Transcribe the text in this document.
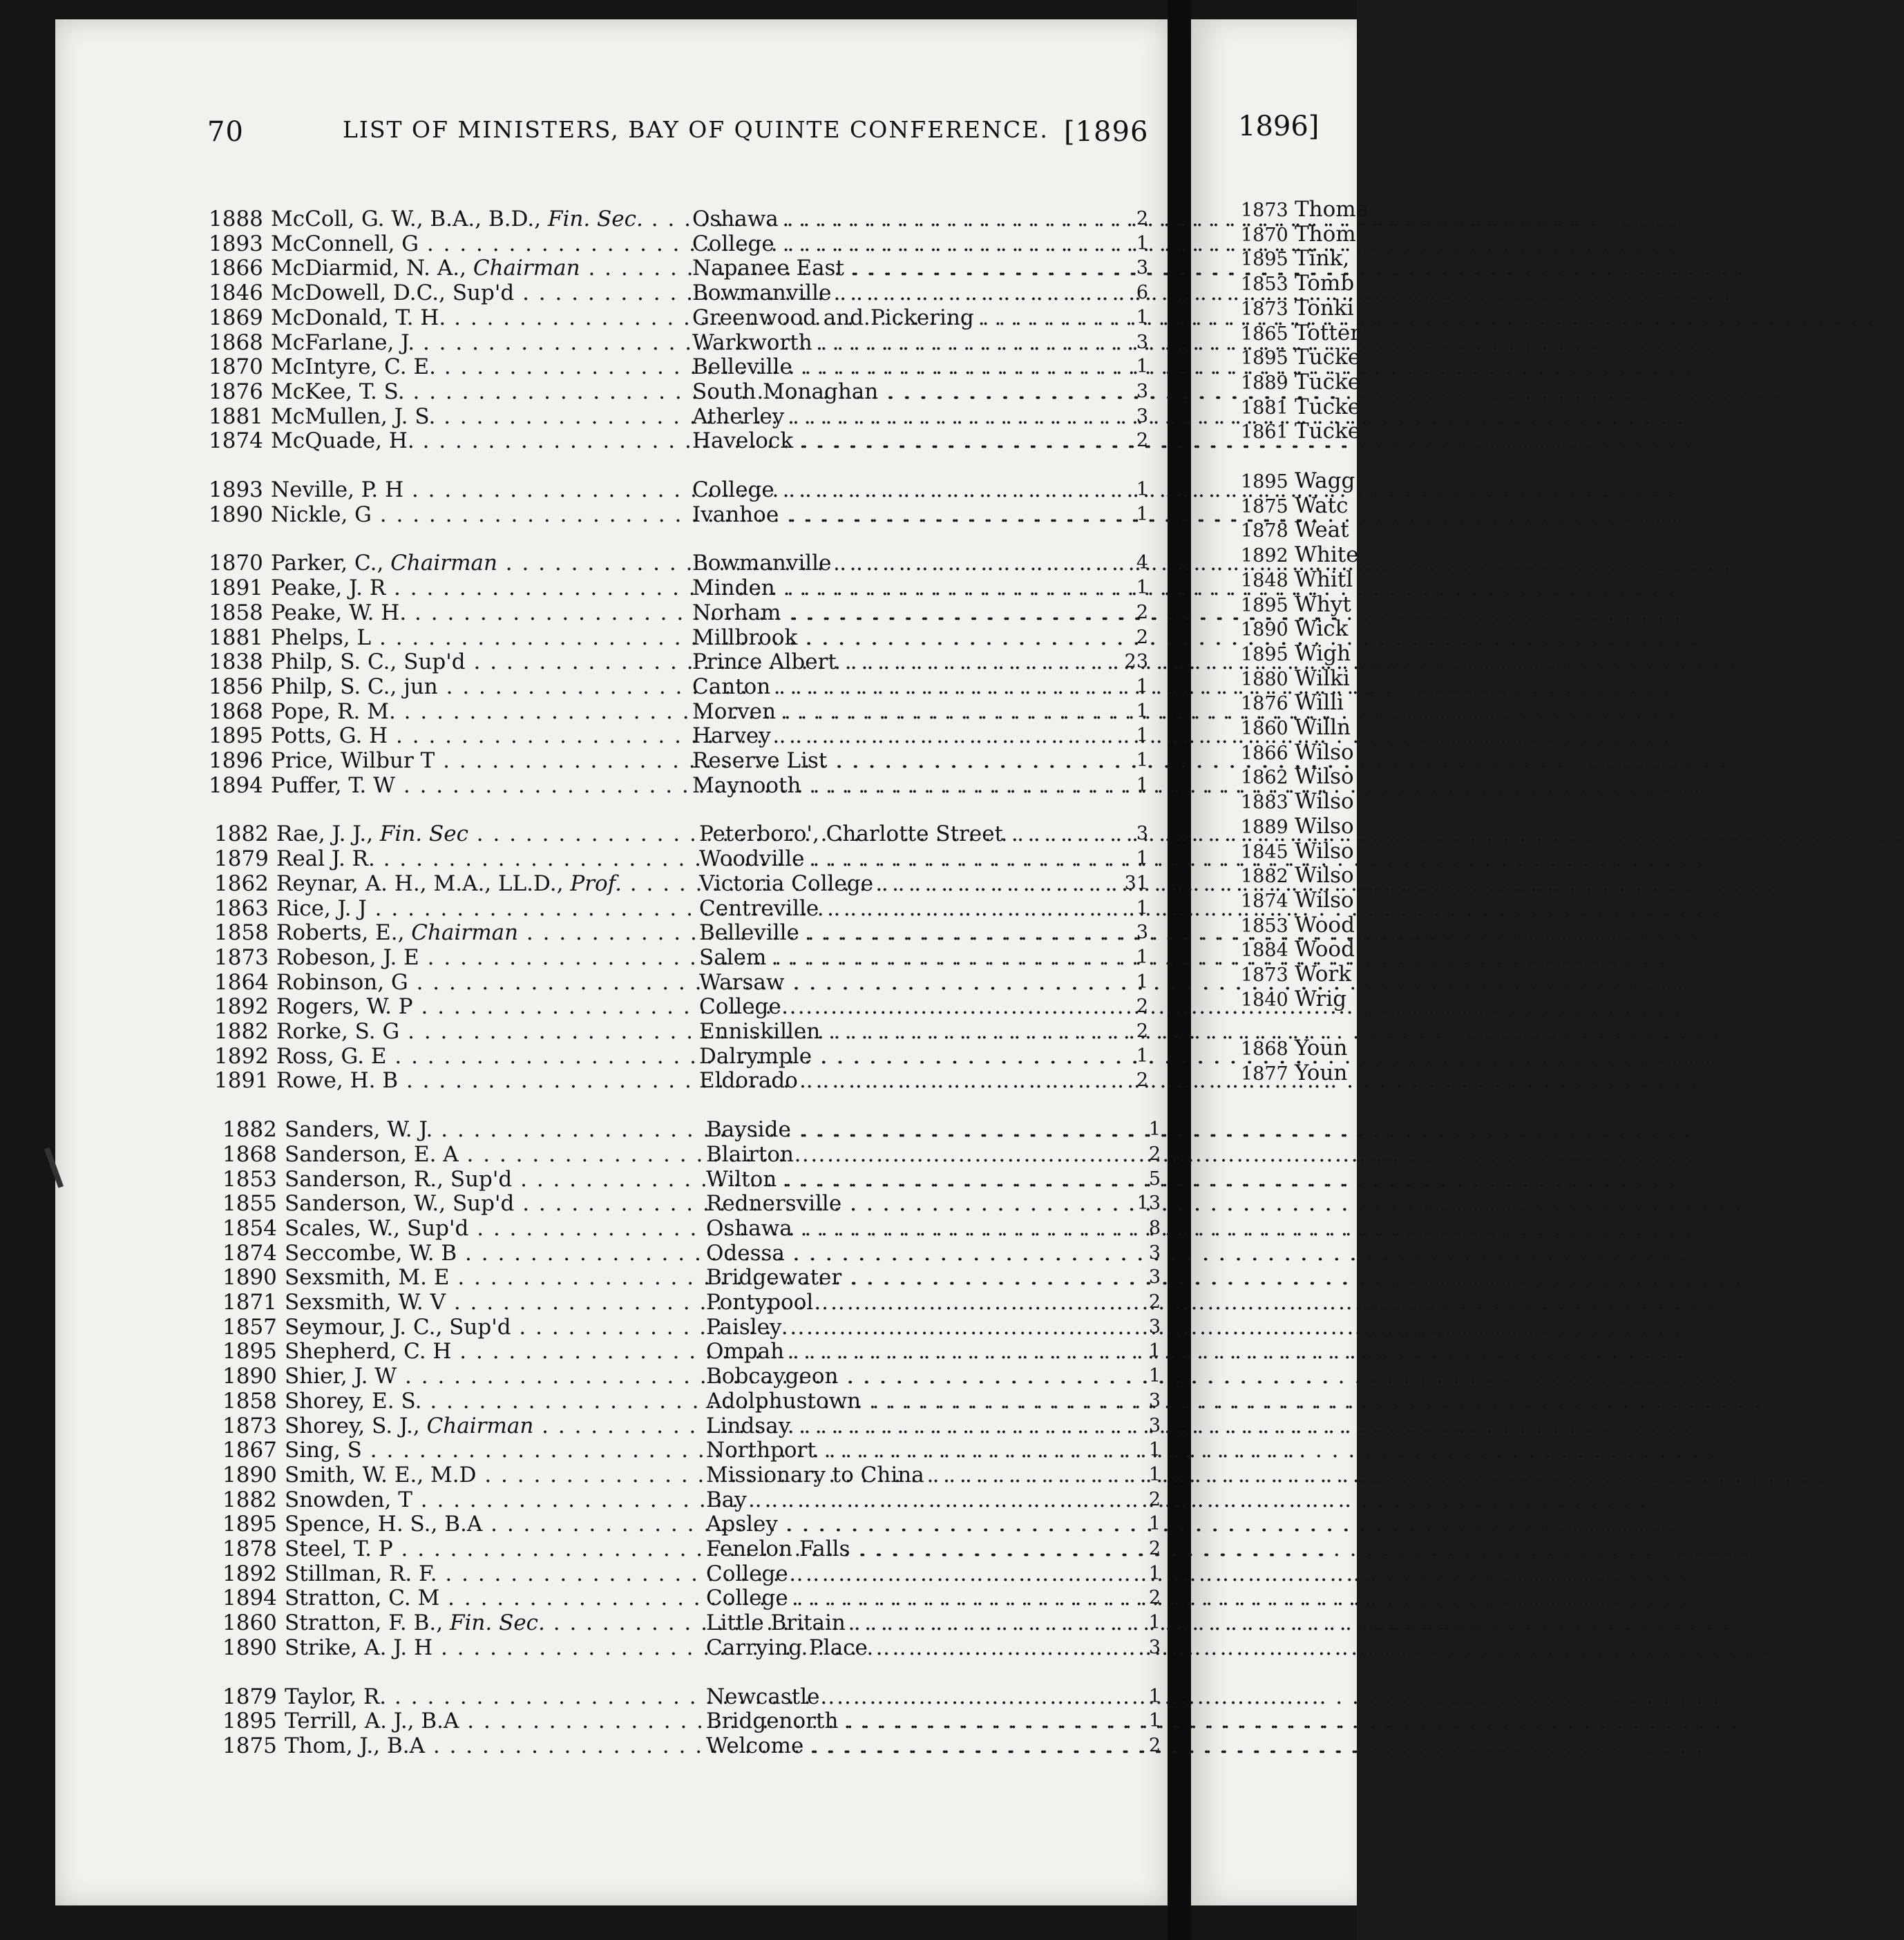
70	LIST OF MINISTERS, BAY OF QUINTE CONFERENCE. [1896	1896]
1888 McColl, G. W., B.A., B.D., Fin. Sec. . . .	Oshawa . . .	2
1893 McConnell, G . . .	College . . .	1
1866 McDiarmid, N. A., Chairman . . .	Napanee East . . .	3
1846 McDowell, D.C., Sup'd . . .	Bowmanville . . .	6
1869 McDonald, T. H. . . .	Greenwood and Pickering . . .	1
1868 McFarlane, J. . . .	Warkworth . . .	3
1870 McIntyre, C. E. . . .	Belleville . . .	1
1876 McKee, T. S. . . .	South Monaghan . . .	3
1881 McMullen, J. S. . . .	Atherley . . .	3
1874 McQuade, H. . . .	Havelock . . .	2
1893 Neville, P. H . . .	College . . .	1
1890 Nickle, G . . .	Ivanhoe . . .	1
1870 Parker, C., Chairman . . .	Bowmanville . . .	4
1891 Peake, J. R . . .	Minden . . .	1
1858 Peake, W. H. . . .	Norham . . .	2
1881 Phelps, L . . .	Millbrook . . .	2
1838 Philp, S. C., Sup'd . . .	Prince Albert . . .	23
1856 Philp, S. C., jun . . .	Canton . . .	1
1868 Pope, R. M. . . .	Morven . . .	1
1895 Potts, G. H . . .	Harvey . . .	1
1896 Price, Wilbur T . . .	Reserve List . . .	1
1894 Puffer, T. W . . .	Maynooth . . .	1
1882 Rae, J. J., Fin. Sec . . .	Peterboro', Charlotte Street . . .	3
1879 Real J. R. . . .	Woodville . . .	1
1862 Reynar, A. H., M.A., LL.D., Prof. . . .	Victoria College . . .	31
1863 Rice, J. J . . .	Centreville . . .	1
1858 Roberts, E., Chairman . . .	Belleville . . .	3
1873 Robeson, J. E . . .	Salem . . .	1
1864 Robinson, G . . .	Warsaw . . .	1
1892 Rogers, W. P . . .	College . . .	2
1882 Rorke, S. G . . .	Enniskillen . . .	2
1892 Ross, G. E . . .	Dalrymple . . .	1
1891 Rowe, H. B . . .	Eldorado . . .	2
1882 Sanders, W. J. . . .	Bayside . . .	1
1868 Sanderson, E. A . . .	Blairton . . .	2
1853 Sanderson, R., Sup'd . . .	Wilton . . .	5
1855 Sanderson, W., Sup'd . . .	Rednersville . . .	13
1854 Scales, W., Sup'd . . .	Oshawa . . .	8
1874 Seccombe, W. B . . .	Odessa . . .	3
1890 Sexsmith, M. E . . .	Bridgewater . . .	3
1871 Sexsmith, W. V . . .	Pontypool . . .	2
1857 Seymour, J. C., Sup'd . . .	Paisley . . .	3
1895 Shepherd, C. H . . .	Ompah . . .	1
1890 Shier, J. W . . .	Bobcaygeon . . .	1
1858 Shorey, E. S. . . .	Adolphustown . . .	3
1873 Shorey, S. J., Chairman . . .	Lindsay . . .	3
1867 Sing, S . . .	Northport . . .	1
1890 Smith, W. E., M.D . . .	Missionary to China . . .	1
1882 Snowden, T . . .	Bay . . .	2
1895 Spence, H. S., B.A . . .	Apsley . . .	1
1878 Steel, T. P . . .	Fenelon Falls . . .	2
1892 Stillman, R. F. . . .	College . . .	1
1894 Stratton, C. M . . .	College . . .	2
1860 Stratton, F. B., Fin. Sec. . . .	Little Britain . . .	1
1890 Strike, A. J. H . . .	Carrying Place . . .	3
1879 Taylor, R. . . .	Newcastle . . .	1
1895 Terrill, A. J., B.A . . .	Bridgenorth . . .	1
1875 Thom, J., B.A . . .	Welcome . . .	2
1873 Thoma
1870 Thom
1895 Tink,
1853 Tomb
1873 Tonki
1865 Totter
1895 Tucke
1889 Tucke
1881 Tucke
1861 Tucke
1895 Wagg
1875 Watc
1878 Weat
1892 White
1848 Whitl
1895 Whyt
1890 Wick
1895 Wigh
1880 Wilki
1876 Willi
1860 Willn
1866 Wilso
1862 Wilso
1883 Wilso
1889 Wilso
1845 Wilso
1882 Wilso
1874 Wilso
1853 Wood
1884 Wood
1873 Work
1840 Wrig
1868 Youn
1877 Youn
